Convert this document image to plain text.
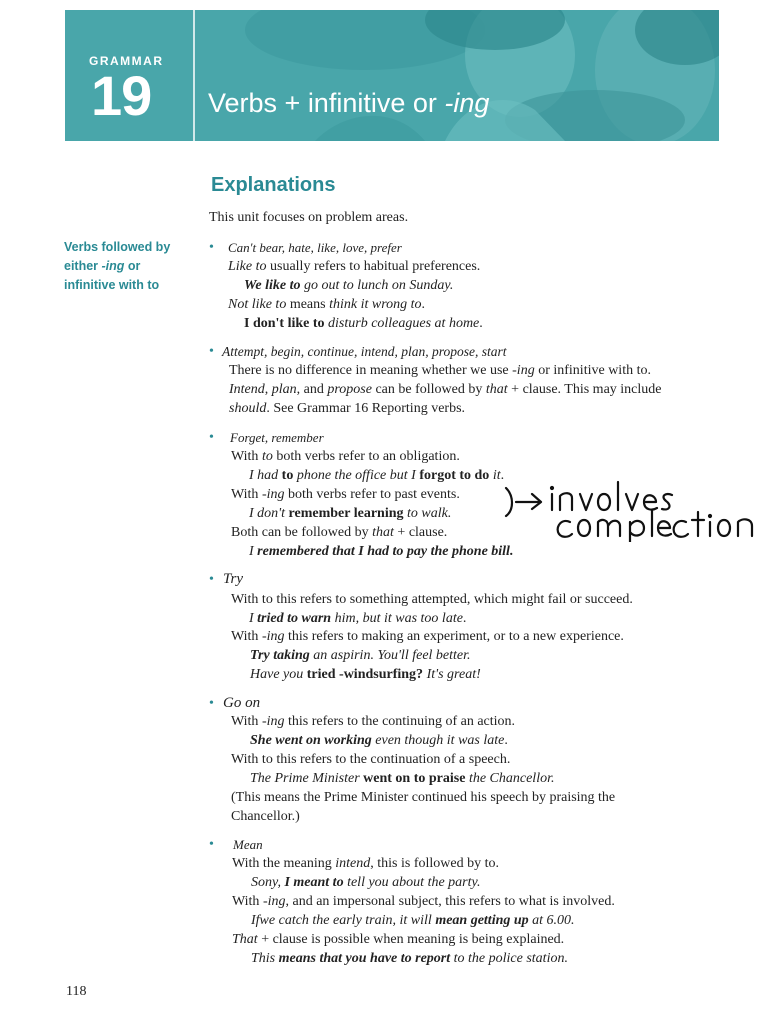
GRAMMAR
19 Verbs + infinitive or -ing
Explanations
This unit focuses on problem areas.
Verbs followed by
either -ing or
infinitive with to
• Can't bear, hate, like, love, prefer
Like to usually refers to habitual preferences.
We like to go out to lunch on Sunday.
Not like to means think it wrong to.
I don't like to disturb colleagues at home.
• Attempt, begin, continue, intend, plan, propose, start
There is no difference in meaning whether we use -ing or infinitive with to.
Intend, plan, and propose can be followed by that + clause. This may include
should. See Grammar 16 Reporting verbs.
• Forget, remember
With to both verbs refer to an obligation.
I had to phone the office but I forgot to do it.
With -ing both verbs refer to past events.
I don't remember learning to walk.
Both can be followed by that + clause.
I remembered that I had to pay the phone bill.
• Try
With to this refers to something attempted, which might fail or succeed.
I tried to warn him, but it was too late.
With -ing this refers to making an experiment, or to a new experience.
Try taking an aspirin. You'll feel better.
Have you tried -windsurfing? It's great!
• Go on
With -ing this refers to the continuing of an action.
She went on working even though it was late.
With to this refers to the continuation of a speech.
The Prime Minister went on to praise the Chancellor.
(This means the Prime Minister continued his speech by praising the
Chancellor.)
• Mean
With the meaning intend, this is followed by to.
Sony, I meant to tell you about the party.
With -ing, and an impersonal subject, this refers to what is involved.
Ifwe catch the early train, it will mean getting up at 6.00.
That + clause is possible when meaning is being explained.
This means that you have to report to the police station.
118
